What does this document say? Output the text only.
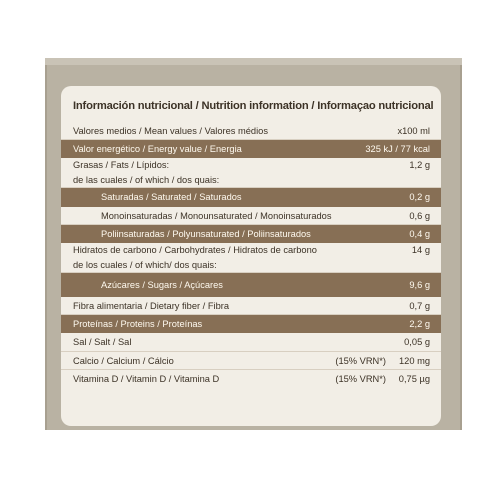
Información nutricional / Nutrition information / Informaçao nutricional
Valores medios / Mean values / Valores médios	x100 ml
Valor energético / Energy value / Energia	325 kJ / 77 kcal
Grasas / Fats / Lípidos:	1,2 g
de las cuales / of which / dos quais:
Saturadas / Saturated / Saturados	0,2 g
Monoinsaturadas / Monounsaturated / Monoinsaturados	0,6 g
Poliinsaturadas / Polyunsaturated / Poliinsaturados	0,4 g
Hidratos de carbono / Carbohydrates / Hidratos de carbono	14 g
de los cuales / of which/ dos quais:
Azúcares / Sugars / Açúcares	9,6 g
Fibra alimentaria / Dietary fiber / Fibra	0,7 g
Proteínas / Proteins / Proteínas	2,2 g
Sal / Salt / Sal	0,05 g
Calcio / Calcium / Cálcio	(15% VRN*) 120 mg
Vitamina D / Vitamin D / Vitamina D	(15% VRN*) 0,75 µg
